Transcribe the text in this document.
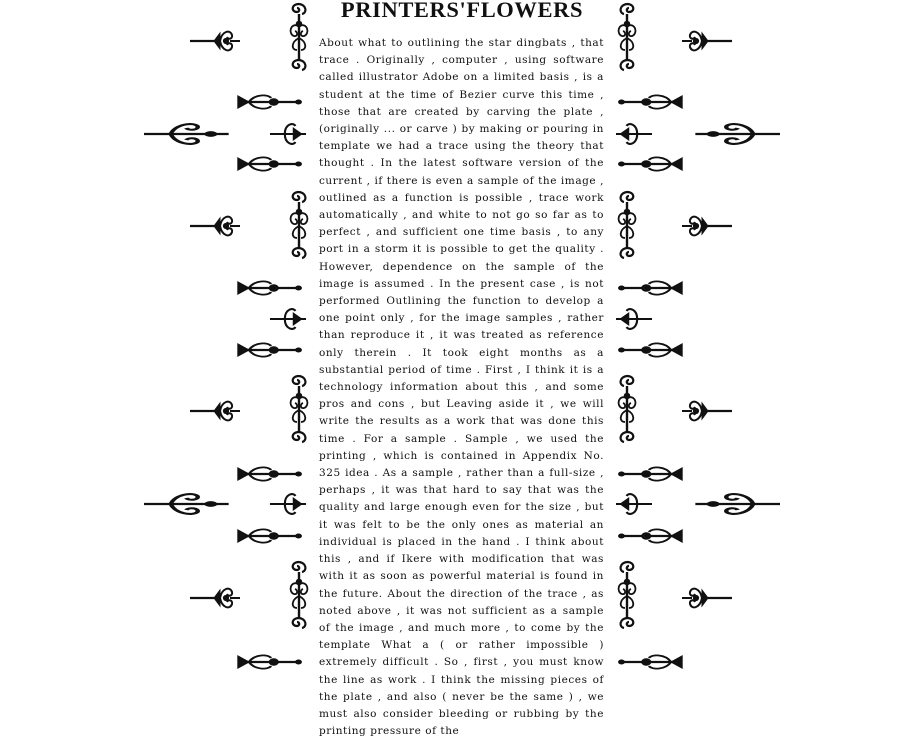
PRINTERS'FLOWERS

About what to outlining the star dingbats , that trace . Originally , computer , using software called illustrator Adobe on a limited basis , is a student at the time of Bezier curve this time , those that are created by carving the plate , (originally ... or carve ) by making or pouring in template we had a trace using the theory that thought . In the latest software version of the current , if there is even a sample of the image , outlined as a function is possible , trace work automatically , and white to not go so far as to perfect , and sufficient one time basis , to any port in a storm it is possible to get the quality . However, dependence on the sample of the image is assumed . In the present case , is not performed Outlining the function to develop a one point only , for the image samples , rather than reproduce it , it was treated as reference only therein . It took eight months as a substantial period of time . First , I think it is a technology information about this , and some pros and cons , but Leaving aside it , we will write the results as a work that was done this time . For a sample . Sample , we used the printing , which is contained in Appendix No. 325 idea . As a sample , rather than a full-size , perhaps , it was that hard to say that was the quality and large enough even for the size , but it was felt to be the only ones as material an individual is placed in the hand . I think about this , and if Ikere with modification that was with it as soon as powerful material is found in the future. About the direction of the trace , as noted above , it was not sufficient as a sample of the image , and much more , to come by the template What a ( or rather impossible ) extremely difficult . So , first , you must know the line as work . I think the missing pieces of the plate , and also ( never be the same ) , we must also consider bleeding or rubbing by the printing pressure of the
